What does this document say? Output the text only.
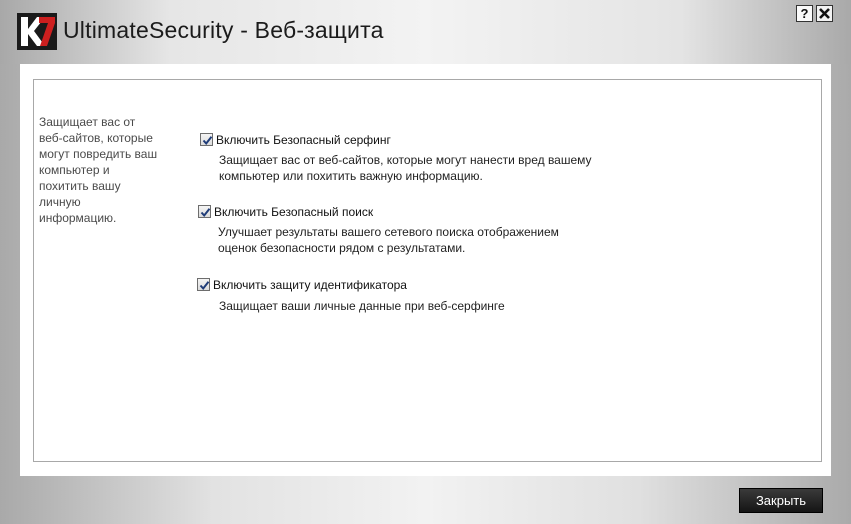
UltimateSecurity - Веб-защита
?
Защищает вас от
веб-сайтов, которые
могут повредить ваш
компьютер и
похитить вашу
личную
информацию.
Включить Безопасный серфинг
Защищает вас от веб-сайтов, которые могут нанести вред вашему
компьютер или похитить важную информацию.
Включить Безопасный поиск
Улучшает результаты вашего сетевого поиска отображением
оценок безопасности рядом с результатами.
Включить защиту идентификатора
Защищает ваши личные данные при веб-серфинге
Закрыть
